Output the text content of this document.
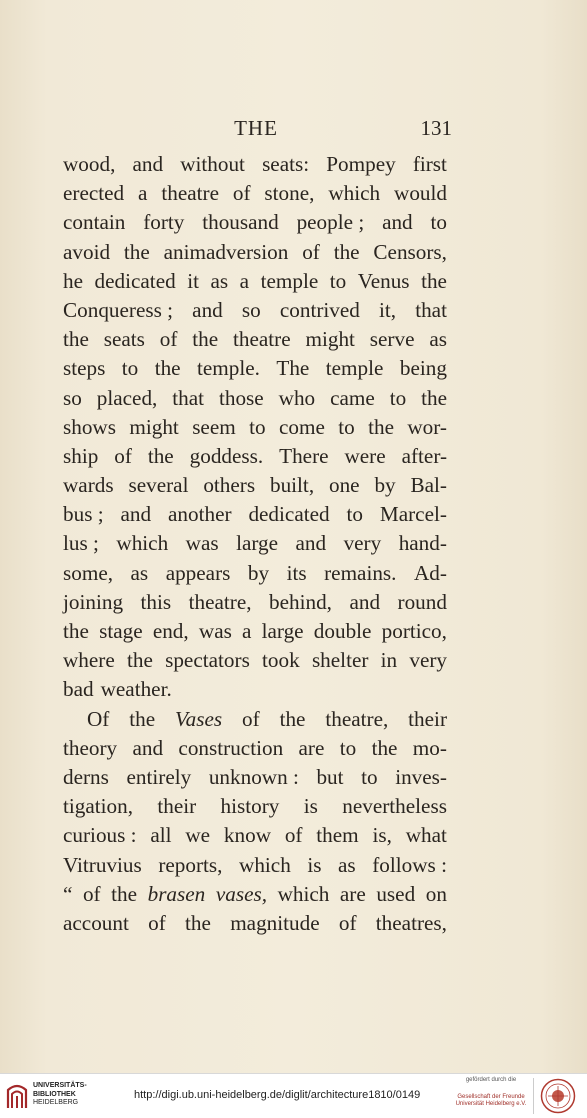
THE	131
wood, and without seats: Pompey first
erected a theatre of stone, which would
contain forty thousand people ; and to
avoid the animadversion of the Censors,
he dedicated it as a temple to Venus the
Conqueress ; and so contrived it, that
the seats of the theatre might serve as
steps to the temple. The temple being
so placed, that those who came to the
shows might seem to come to the wor-
ship of the goddess. There were after-
wards several others built, one by Bal-
bus ; and another dedicated to Marcel-
lus ; which was large and very hand-
some, as appears by its remains. Ad-
joining this theatre, behind, and round
the stage end, was a large double portico,
where the spectators took shelter in very
bad weather.
Of the Vases of the theatre, their
theory and construction are to the mo-
derns entirely unknown : but to inves-
tigation, their history is nevertheless
curious : all we know of them is, what
Vitruvius reports, which is as follows :
“ of the brasen vases, which are used on
account of the magnitude of theatres,
UNIVERSITÄTS-
BIBLIOTHEK
HEIDELBERG
http://digi.ub.uni-heidelberg.de/diglit/architecture1810/0149
gefördert durch die
Gesellschaft der Freunde
Universität Heidelberg e.V.
